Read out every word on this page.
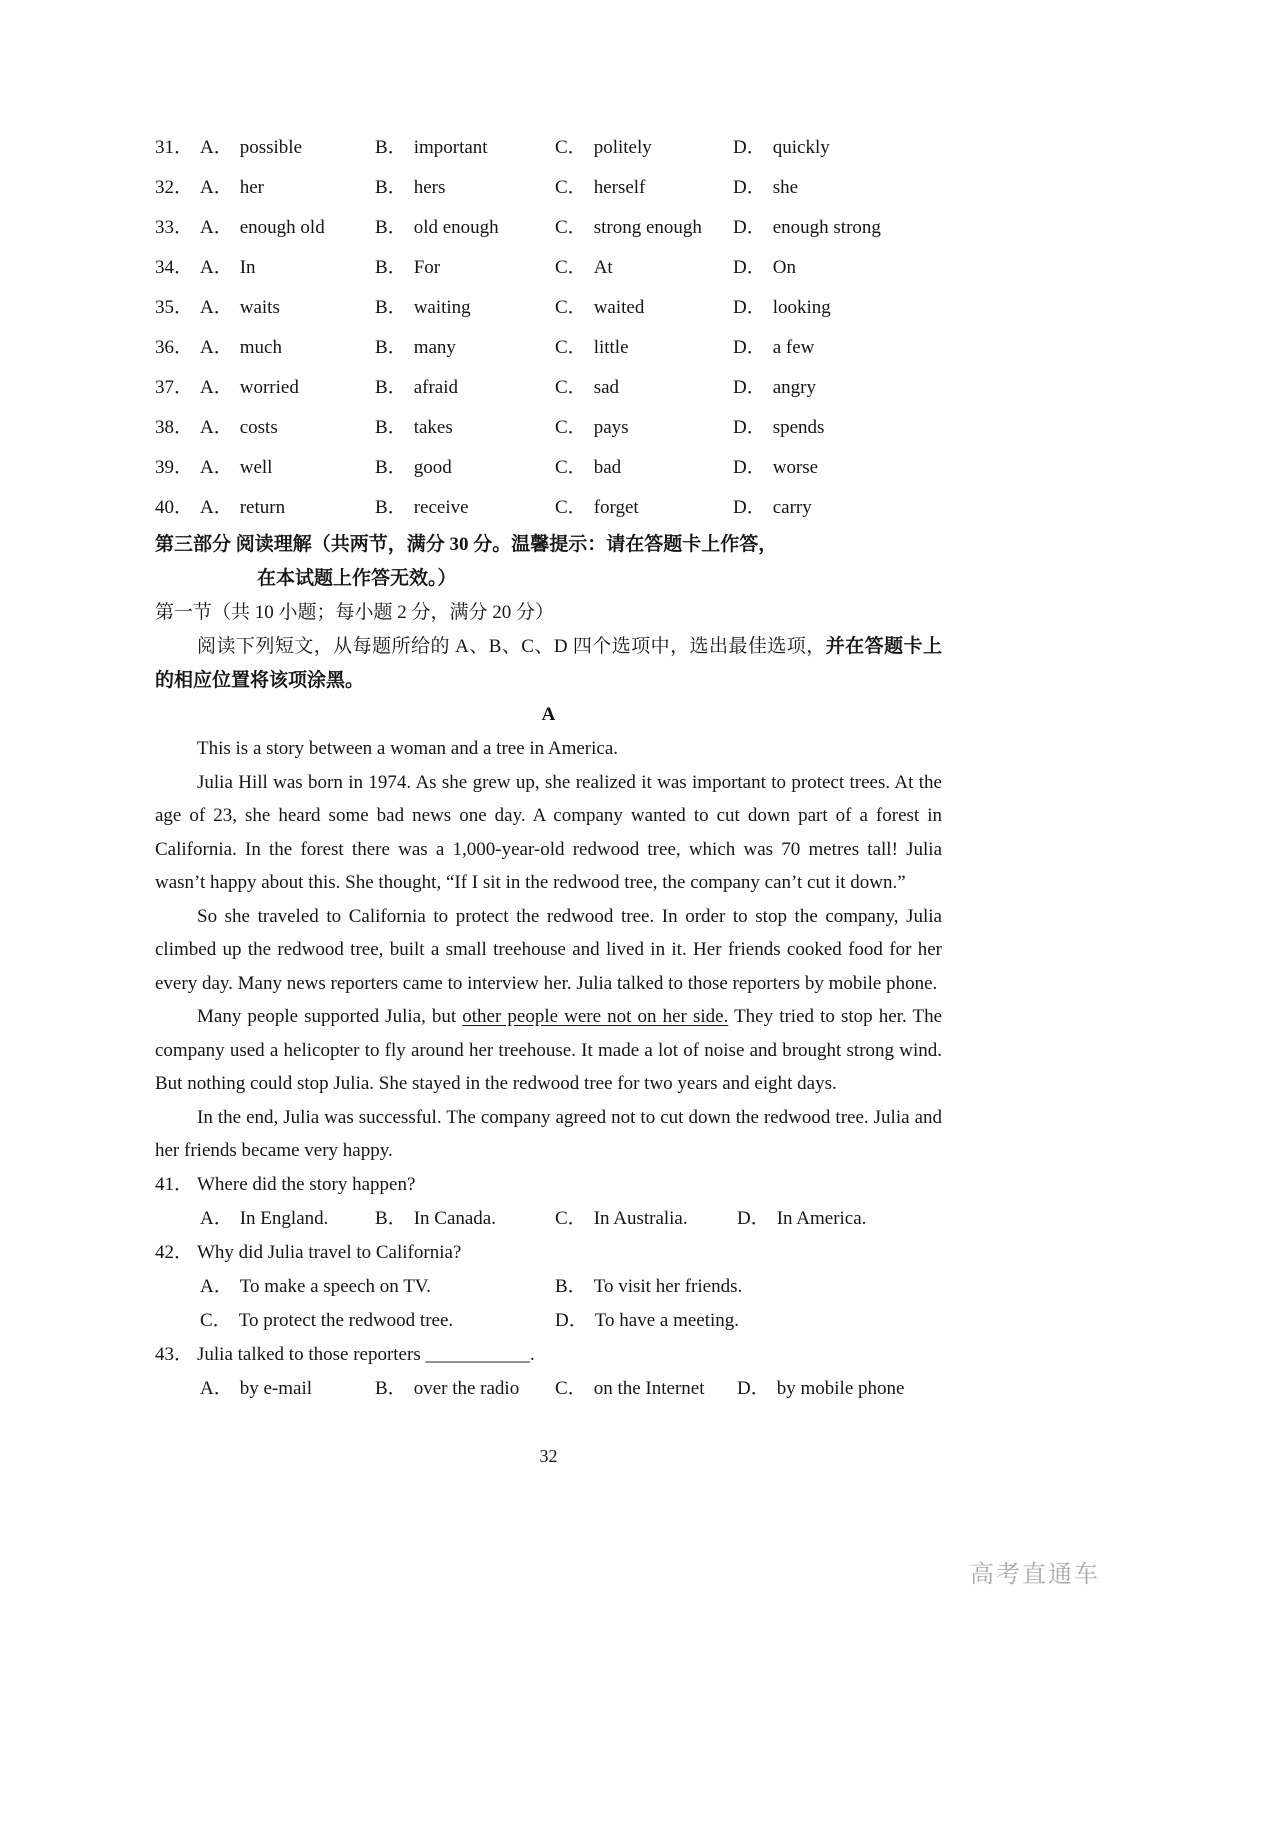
31． A． possible	B． important	C． politely	D． quickly
32． A． her	B． hers	C． herself	D． she
33． A． enough old	B． old enough	C． strong enough	D． enough strong
34． A． In	B． For	C． At	D． On
35． A． waits	B． waiting	C． waited	D． looking
36． A． much	B． many	C． little	D． a few
37． A． worried	B． afraid	C． sad	D． angry
38． A． costs	B． takes	C． pays	D． spends
39． A． well	B． good	C． bad	D． worse
40． A． return	B． receive	C． forget	D． carry
第三部分 阅读理解（共两节，满分 30 分。温馨提示：请在答题卡上作答，
在本试题上作答无效。）
第一节（共 10 小题；每小题 2 分，满分 20 分）

阅读下列短文，从每题所给的 A、B、C、D 四个选项中，选出最佳选项，并在答题卡上的相应位置将该项涂黑。

A

This is a story between a woman and a tree in America.

Julia Hill was born in 1974. As she grew up, she realized it was important to protect trees. At the age of 23, she heard some bad news one day. A company wanted to cut down part of a forest in California. In the forest there was a 1,000-year-old redwood tree, which was 70 metres tall! Julia wasn’t happy about this. She thought, “If I sit in the redwood tree, the company can’t cut it down.”

So she traveled to California to protect the redwood tree. In order to stop the company, Julia climbed up the redwood tree, built a small treehouse and lived in it. Her friends cooked food for her every day. Many news reporters came to interview her. Julia talked to those reporters by mobile phone.

Many people supported Julia, but other people were not on her side. They tried to stop her. The company used a helicopter to fly around her treehouse. It made a lot of noise and brought strong wind. But nothing could stop Julia. She stayed in the redwood tree for two years and eight days.

In the end, Julia was successful. The company agreed not to cut down the redwood tree. Julia and her friends became very happy.

41． Where did the story happen?
A． In England.	B． In Canada.	C． In Australia.	D． In America.
42． Why did Julia travel to California?
A． To make a speech on TV.	B． To visit her friends.
C． To protect the redwood tree.	D． To have a meeting.
43． Julia talked to those reporters ___________.
A． by e-mail	B． over the radio	C． on the Internet	D． by mobile phone
32
高考直通车
